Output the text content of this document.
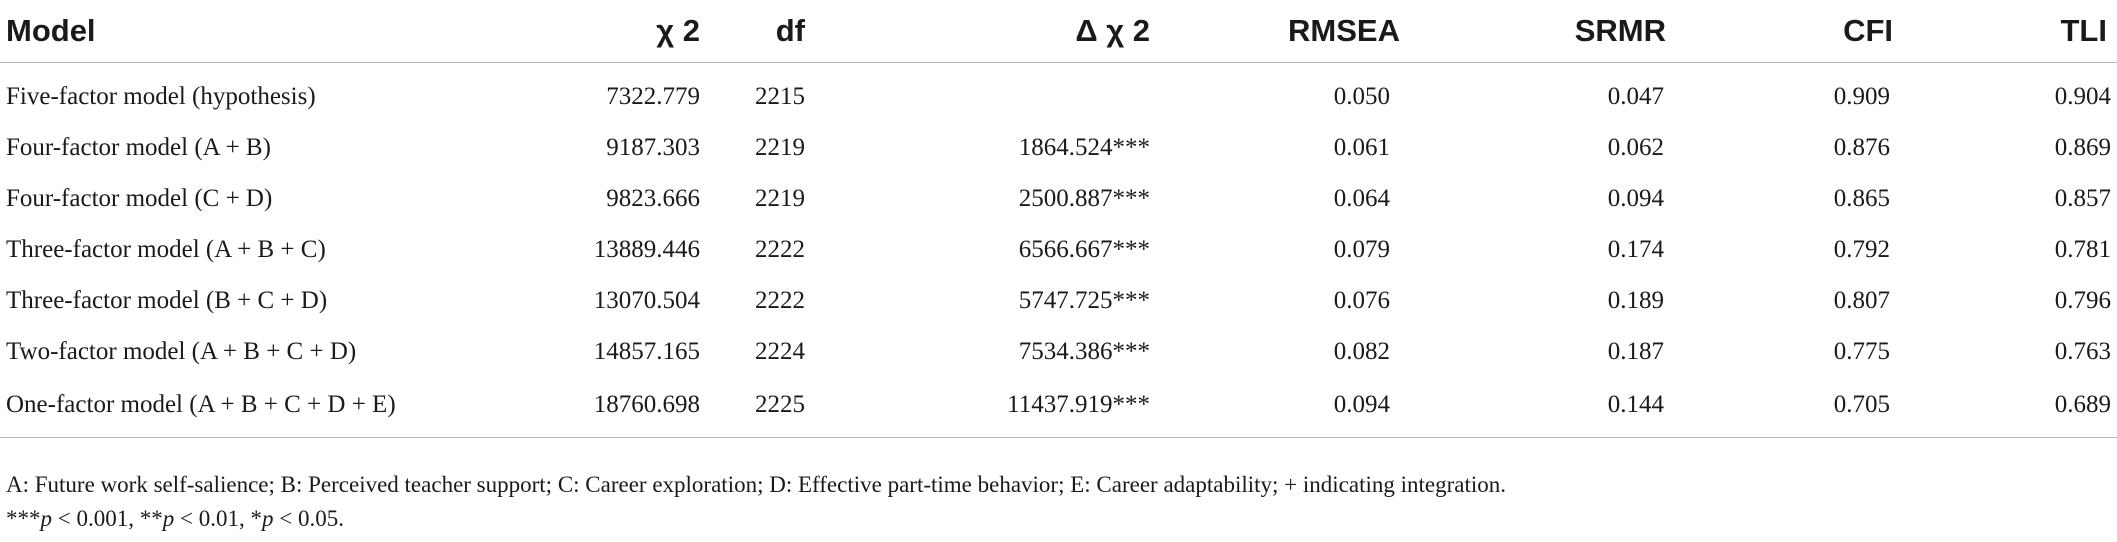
Model	χ 2	df	Δ χ 2	RMSEA	SRMR	CFI	TLI
Five-factor model (hypothesis)	7322.779	2215		0.050	0.047	0.909	0.904
Four-factor model (A + B)	9187.303	2219	1864.524***	0.061	0.062	0.876	0.869
Four-factor model (C + D)	9823.666	2219	2500.887***	0.064	0.094	0.865	0.857
Three-factor model (A + B + C)	13889.446	2222	6566.667***	0.079	0.174	0.792	0.781
Three-factor model (B + C + D)	13070.504	2222	5747.725***	0.076	0.189	0.807	0.796
Two-factor model (A + B + C + D)	14857.165	2224	7534.386***	0.082	0.187	0.775	0.763
One-factor model (A + B + C + D + E)	18760.698	2225	11437.919***	0.094	0.144	0.705	0.689

A: Future work self-salience; B: Perceived teacher support; C: Career exploration; D: Effective part-time behavior; E: Career adaptability; + indicating integration.

***p < 0.001, **p < 0.01, *p < 0.05.
